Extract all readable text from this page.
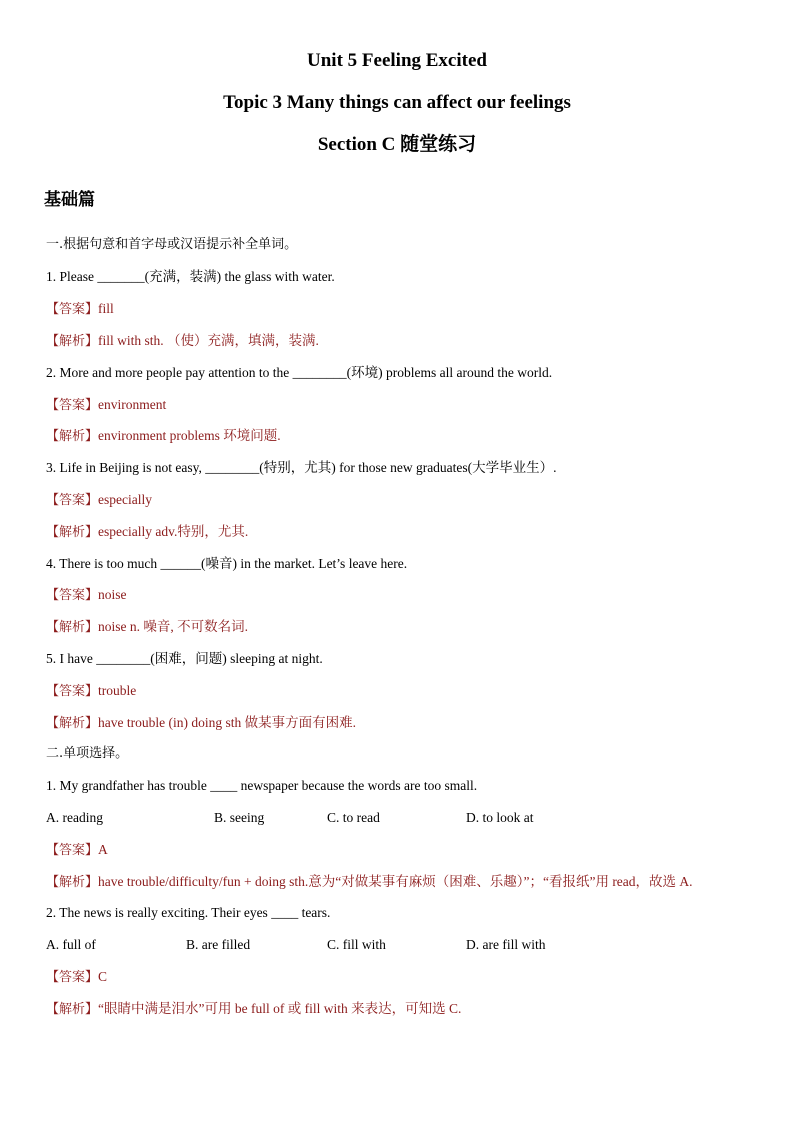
Unit 5 Feeling Excited
Topic 3 Many things can affect our feelings
Section C 随堂练习
基础篇
一.根据句意和首字母或汉语提示补全单词。
1. Please _______(充满，装满) the glass with water.
【答案】fill
【解析】fill with sth. （使）充满，填满，装满.
2. More and more people pay attention to the ________(环境) problems all around the world.
【答案】environment
【解析】environment problems 环境问题.
3. Life in Beijing is not easy, ________(特别，尤其) for those new graduates(大学毕业生）.
【答案】especially
【解析】especially adv.特别，尤其.
4. There is too much ______(噪音) in the market. Let’s leave here.
【答案】noise
【解析】noise n. 噪音, 不可数名词.
5. I have ________(困难，问题) sleeping at night.
【答案】trouble
【解析】have trouble (in) doing sth 做某事方面有困难.
二.单项选择。
1. My grandfather has trouble ____ newspaper because the words are too small.
A. reading	B. seeing	C. to read	D. to look at
【答案】A
【解析】have trouble/difficulty/fun + doing sth.意为“对做某事有麻烦（困难、乐趣）”；“看报纸”用 read，故选 A.
2. The news is really exciting. Their eyes ____ tears.
A. full of	B. are filled	C. fill with	D. are fill with
【答案】C
【解析】“眼睛中满是泪水”可用 be full of 或 fill with 来表达，可知选 C.
